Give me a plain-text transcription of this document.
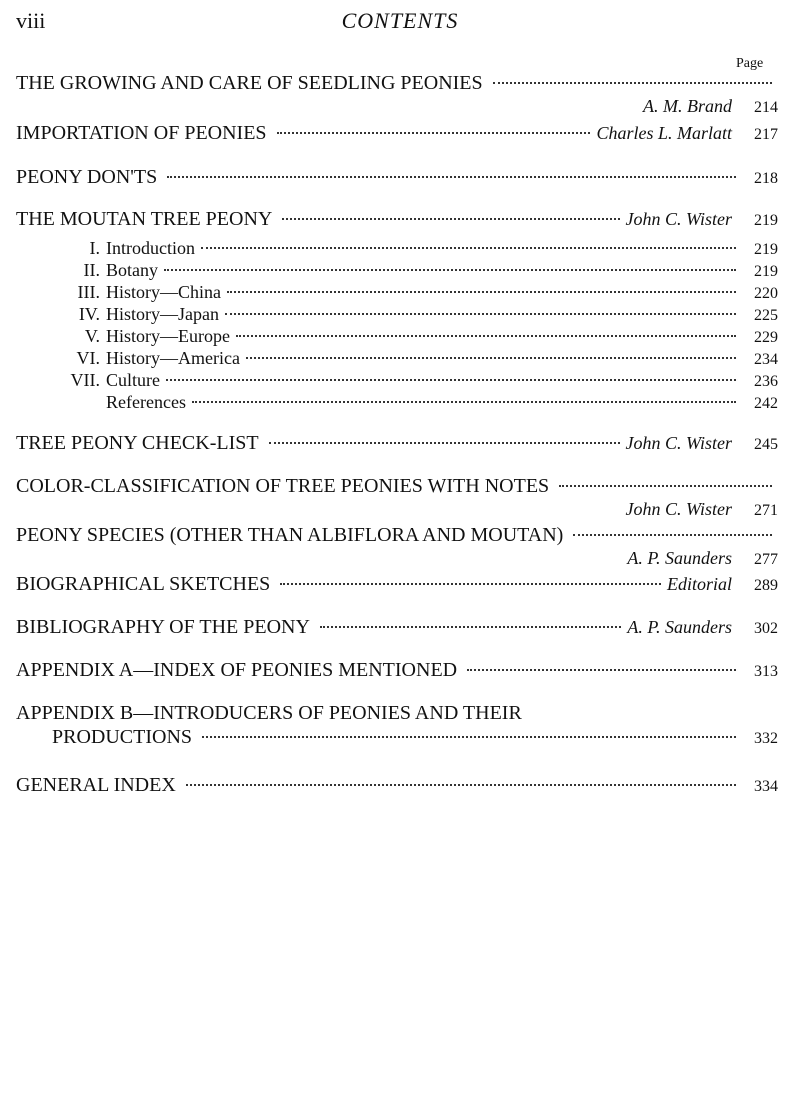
viii	CONTENTS
Page
THE GROWING AND CARE OF SEEDLING PEONIES
A. M. Brand	214
IMPORTATION OF PEONIES	Charles L. Marlatt	217
PEONY DON'TS	218
THE MOUTAN TREE PEONY	John C. Wister	219
I. Introduction	219
II. Botany	219
III. History—China	220
IV. History—Japan	225
V. History—Europe	229
VI. History—America	234
VII. Culture	236
References	242
TREE PEONY CHECK-LIST	John C. Wister	245
COLOR-CLASSIFICATION OF TREE PEONIES WITH NOTES
John C. Wister	271
PEONY SPECIES (OTHER THAN ALBIFLORA AND MOUTAN)
A. P. Saunders	277
BIOGRAPHICAL SKETCHES	Editorial	289
BIBLIOGRAPHY OF THE PEONY	A. P. Saunders	302
APPENDIX A—INDEX OF PEONIES MENTIONED	313
APPENDIX B—INTRODUCERS OF PEONIES AND THEIR
PRODUCTIONS	332
GENERAL INDEX	334
